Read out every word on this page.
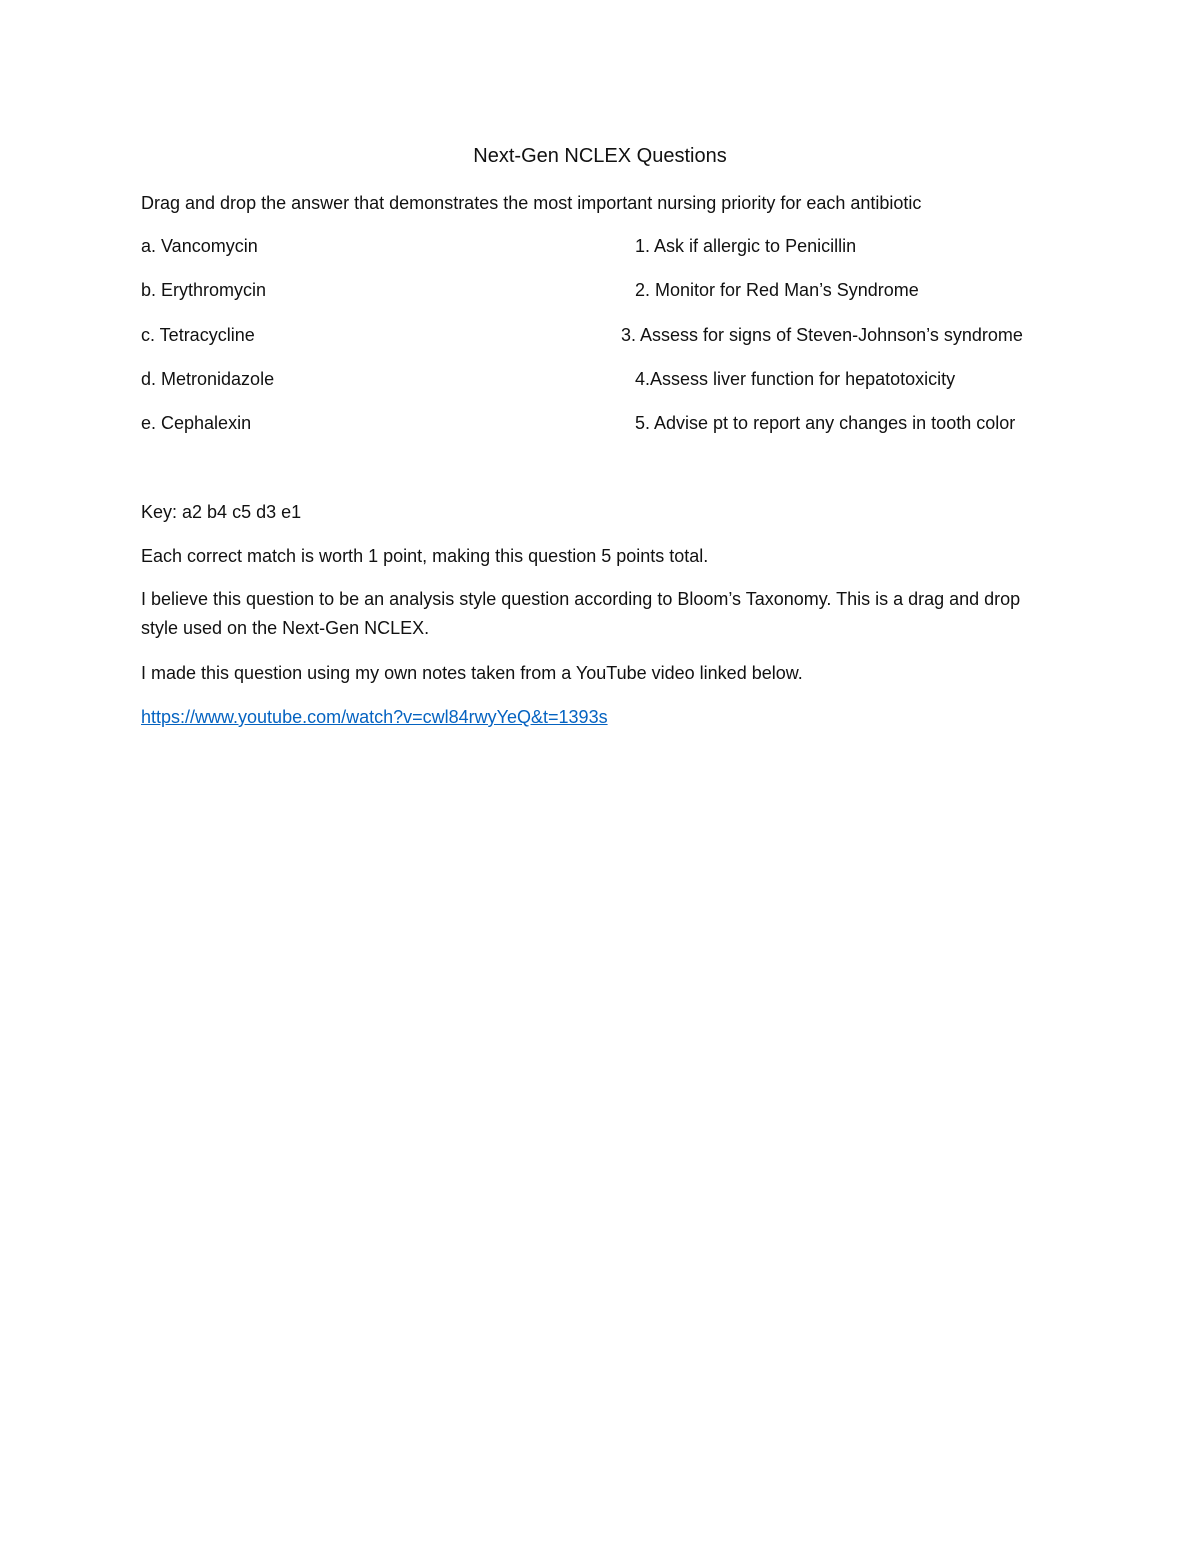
Next-Gen NCLEX Questions

Drag and drop the answer that demonstrates the most important nursing priority for each antibiotic

a. Vancomycin
b. Erythromycin
c. Tetracycline
d. Metronidazole
e. Cephalexin
1. Ask if allergic to Penicillin
2. Monitor for Red Man’s Syndrome
3. Assess for signs of Steven-Johnson’s syndrome
4.Assess liver function for hepatotoxicity
5. Advise pt to report any changes in tooth color

Key: a2 b4 c5 d3 e1

Each correct match is worth 1 point, making this question 5 points total.

I believe this question to be an analysis style question according to Bloom’s Taxonomy. This is a drag and drop style used on the Next-Gen NCLEX.

I made this question using my own notes taken from a YouTube video linked below.

https://www.youtube.com/watch?v=cwl84rwyYeQ&t=1393s
